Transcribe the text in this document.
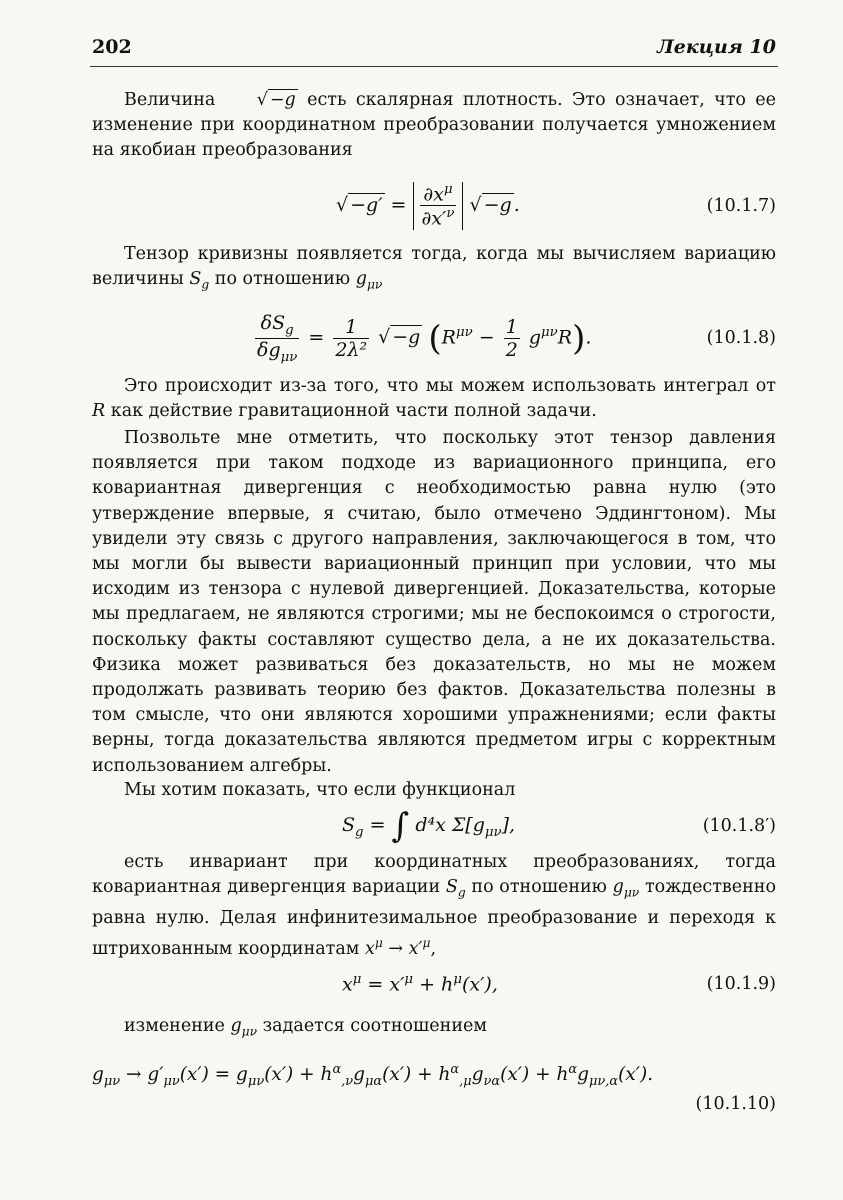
202	Лекция 10
Величина √ −g есть скалярная плотность. Это означает, что ее изменение при координатном преобразовании получается умножением на якобиан преобразования
√ $-g' = \frac{\partial x^\mu}{\partial x'^\nu}$ √ −g .	(10.1.7)
Тензор кривизны появляется тогда, когда мы вычисляем вариацию величины $S_g$ по отношению $g_{\mu\nu}$
$\frac{\delta S_g}{\delta g_{\mu\nu}} = \frac{1}{\text{2λ²}}$ √ −g $(R^{\mu\nu} - \frac{1}{2} g^{\mu\nu}R)$.	(10.1.8)
Это происходит из-за того, что мы можем использовать интеграл от R как действие гравитационной части полной задачи.
Позвольте мне отметить, что поскольку этот тензор давления появляется при таком подходе из вариационного принципа, его ковариантная дивергенция с необходимостью равна нулю (это утверждение впервые, я считаю, было отмечено Эддингтоном). Мы увидели эту связь с другого направления, заключающегося в том, что мы могли бы вывести вариационный принцип при условии, что мы исходим из тензора с нулевой дивергенцией. Доказательства, которые мы предлагаем, не являются строгими; мы не беспокоимся о строгости, поскольку факты составляют существо дела, а не их доказательства. Физика может развиваться без доказательств, но мы не можем продолжать развивать теорию без фактов. Доказательства полезны в том смысле, что они являются хорошими упражнениями; если факты верны, тогда доказательства являются предметом игры с корректным использованием алгебры.
Мы хотим показать, что если функционал
$S_g$ = ∫ d⁴x $\Sigma[g_{\mu\nu}]$,	(10.1.8′)
есть инвариант при координатных преобразованиях, тогда ковариантная дивергенция вариации $S_g$ по отношению $g_{\mu\nu}$ тождественно равна нулю. Делая инфинитезимальное преобразование и переходя к штрихованным координатам $x^\mu \to x'^\mu$,
$x^\mu = x'^\mu + h^\mu(x')$,	(10.1.9)
изменение $g_{\mu\nu}$ задается соотношением
$g_{\mu\nu} \to g'_{\mu\nu}(x') = g_{\mu\nu}(x') + h^\alpha_{,\nu}g_{\mu\alpha}(x') + h^\alpha_{,\mu}g_{\nu\alpha}(x') + h^\alpha g_{\mu\nu,\alpha}(x')$.
(10.1.10)
